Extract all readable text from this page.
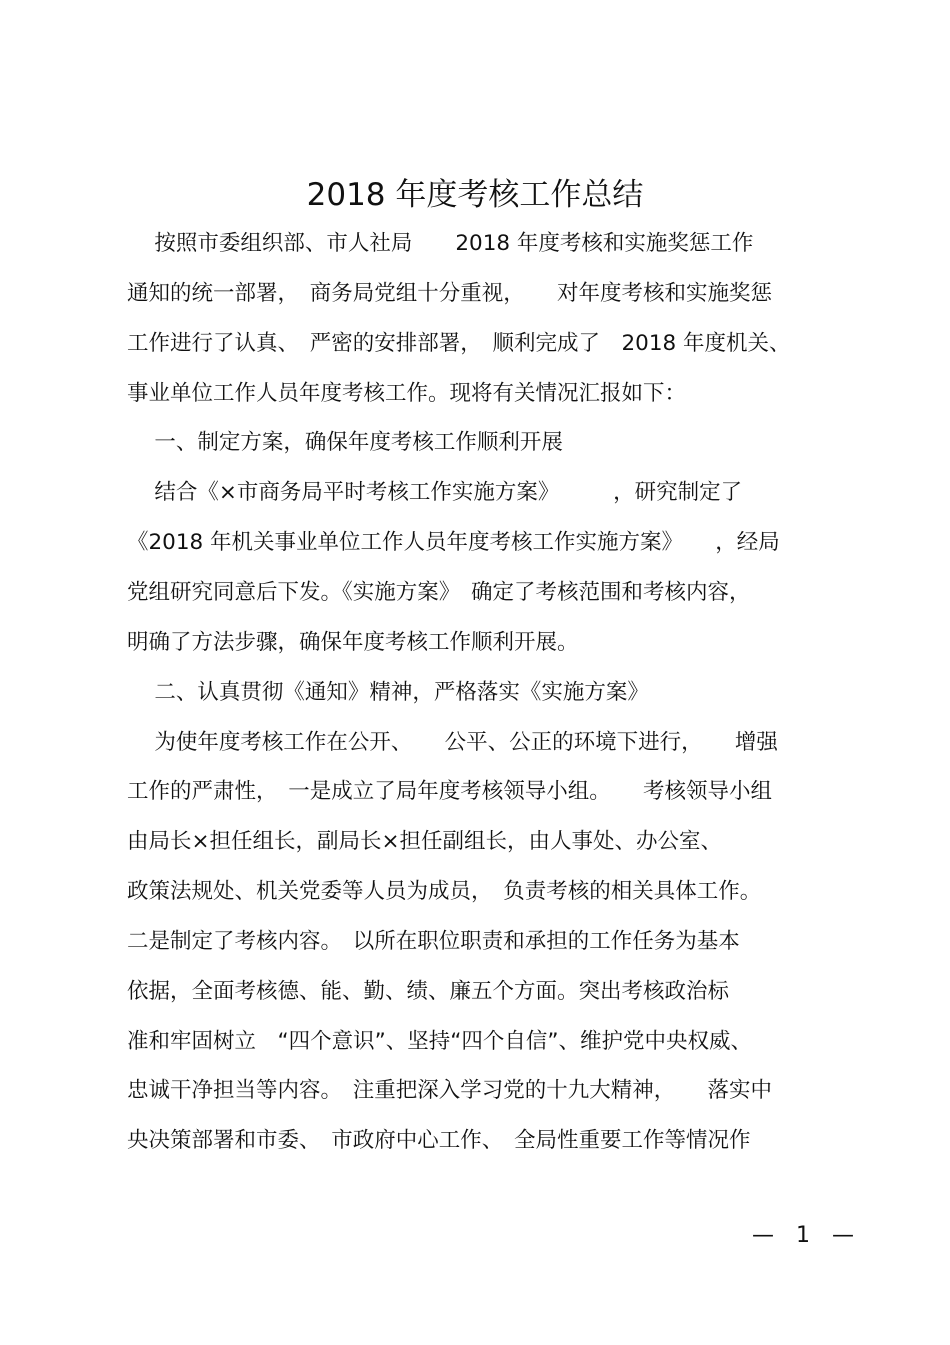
2018 年度考核工作总结
按照市委组织部、市人社局　　2018 年度考核和实施奖惩工作
通知的统一部署，　商务局党组十分重视，　　对年度考核和实施奖惩
工作进行了认真、　严密的安排部署，　顺利完成了　2018 年度机关、
事业单位工作人员年度考核工作。现将有关情况汇报如下：
一、制定方案，确保年度考核工作顺利开展
结合《×市商务局平时考核工作实施方案》　　　，研究制定了
《2018 年机关事业单位工作人员年度考核工作实施方案》　　，经局
党组研究同意后下发。《实施方案》　确定了考核范围和考核内容，
明确了方法步骤，确保年度考核工作顺利开展。
二、认真贯彻《通知》精神，严格落实《实施方案》
为使年度考核工作在公开、　　公平、公正的环境下进行，　　增强
工作的严肃性，　一是成立了局年度考核领导小组。　　考核领导小组
由局长×担任组长，副局长×担任副组长，由人事处、办公室、
政策法规处、机关党委等人员为成员，　负责考核的相关具体工作。
二是制定了考核内容。　以所在职位职责和承担的工作任务为基本
依据，全面考核德、能、勤、绩、廉五个方面。突出考核政治标
准和牢固树立　“四个意识”、坚持“四个自信”、维护党中央权威、
忠诚干净担当等内容。　注重把深入学习党的十九大精神，　　落实中
央决策部署和市委、　市政府中心工作、　全局性重要工作等情况作
—　1　—
